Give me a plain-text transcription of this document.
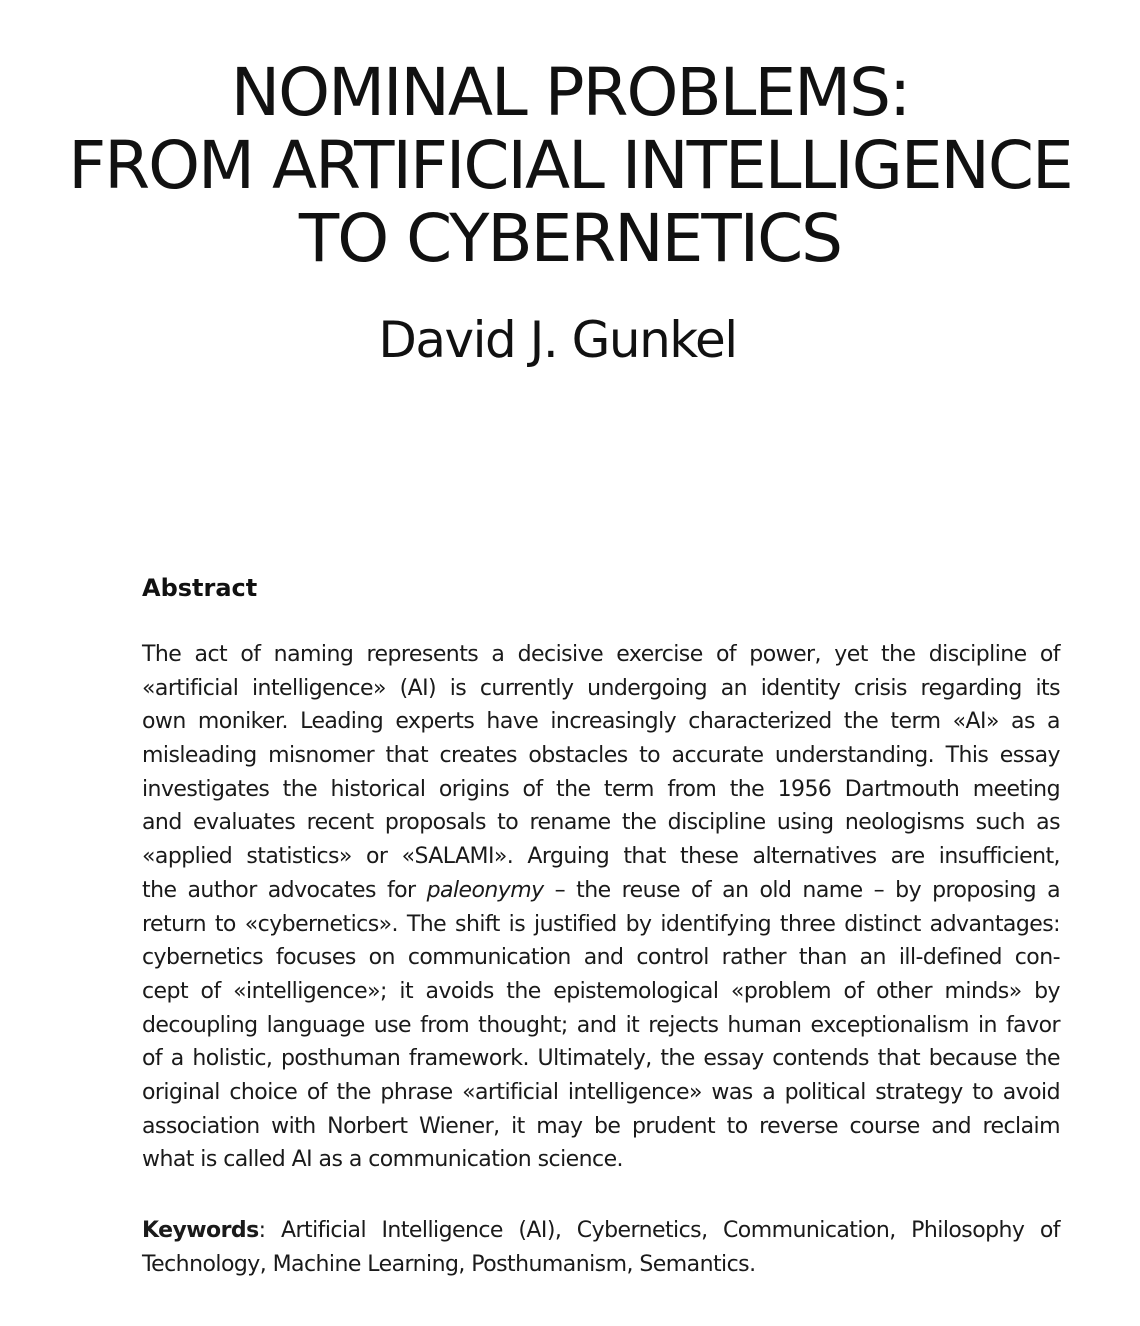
NOMINAL PROBLEMS:
FROM ARTIFICIAL INTELLIGENCE
TO CYBERNETICS
David J. Gunkel
Abstract
The act of naming represents a decisive exercise of power, yet the discipline of
«artificial intelligence» (AI) is currently undergoing an identity crisis regarding its
own moniker. Leading experts have increasingly characterized the term «AI» as a
misleading misnomer that creates obstacles to accurate understanding. This essay
investigates the historical origins of the term from the 1956 Dartmouth meeting
and evaluates recent proposals to rename the discipline using neologisms such as
«applied statistics» or «SALAMI». Arguing that these alternatives are insufficient,
the author advocates for paleonymy – the reuse of an old name – by proposing a
return to «cybernetics». The shift is justified by identifying three distinct advantages:
cybernetics focuses on communication and control rather than an ill-defined con-
cept of «intelligence»; it avoids the epistemological «problem of other minds» by
decoupling language use from thought; and it rejects human exceptionalism in favor
of a holistic, posthuman framework. Ultimately, the essay contends that because the
original choice of the phrase «artificial intelligence» was a political strategy to avoid
association with Norbert Wiener, it may be prudent to reverse course and reclaim
what is called AI as a communication science.
Keywords: Artificial Intelligence (AI), Cybernetics, Communication, Philosophy of
Technology, Machine Learning, Posthumanism, Semantics.
